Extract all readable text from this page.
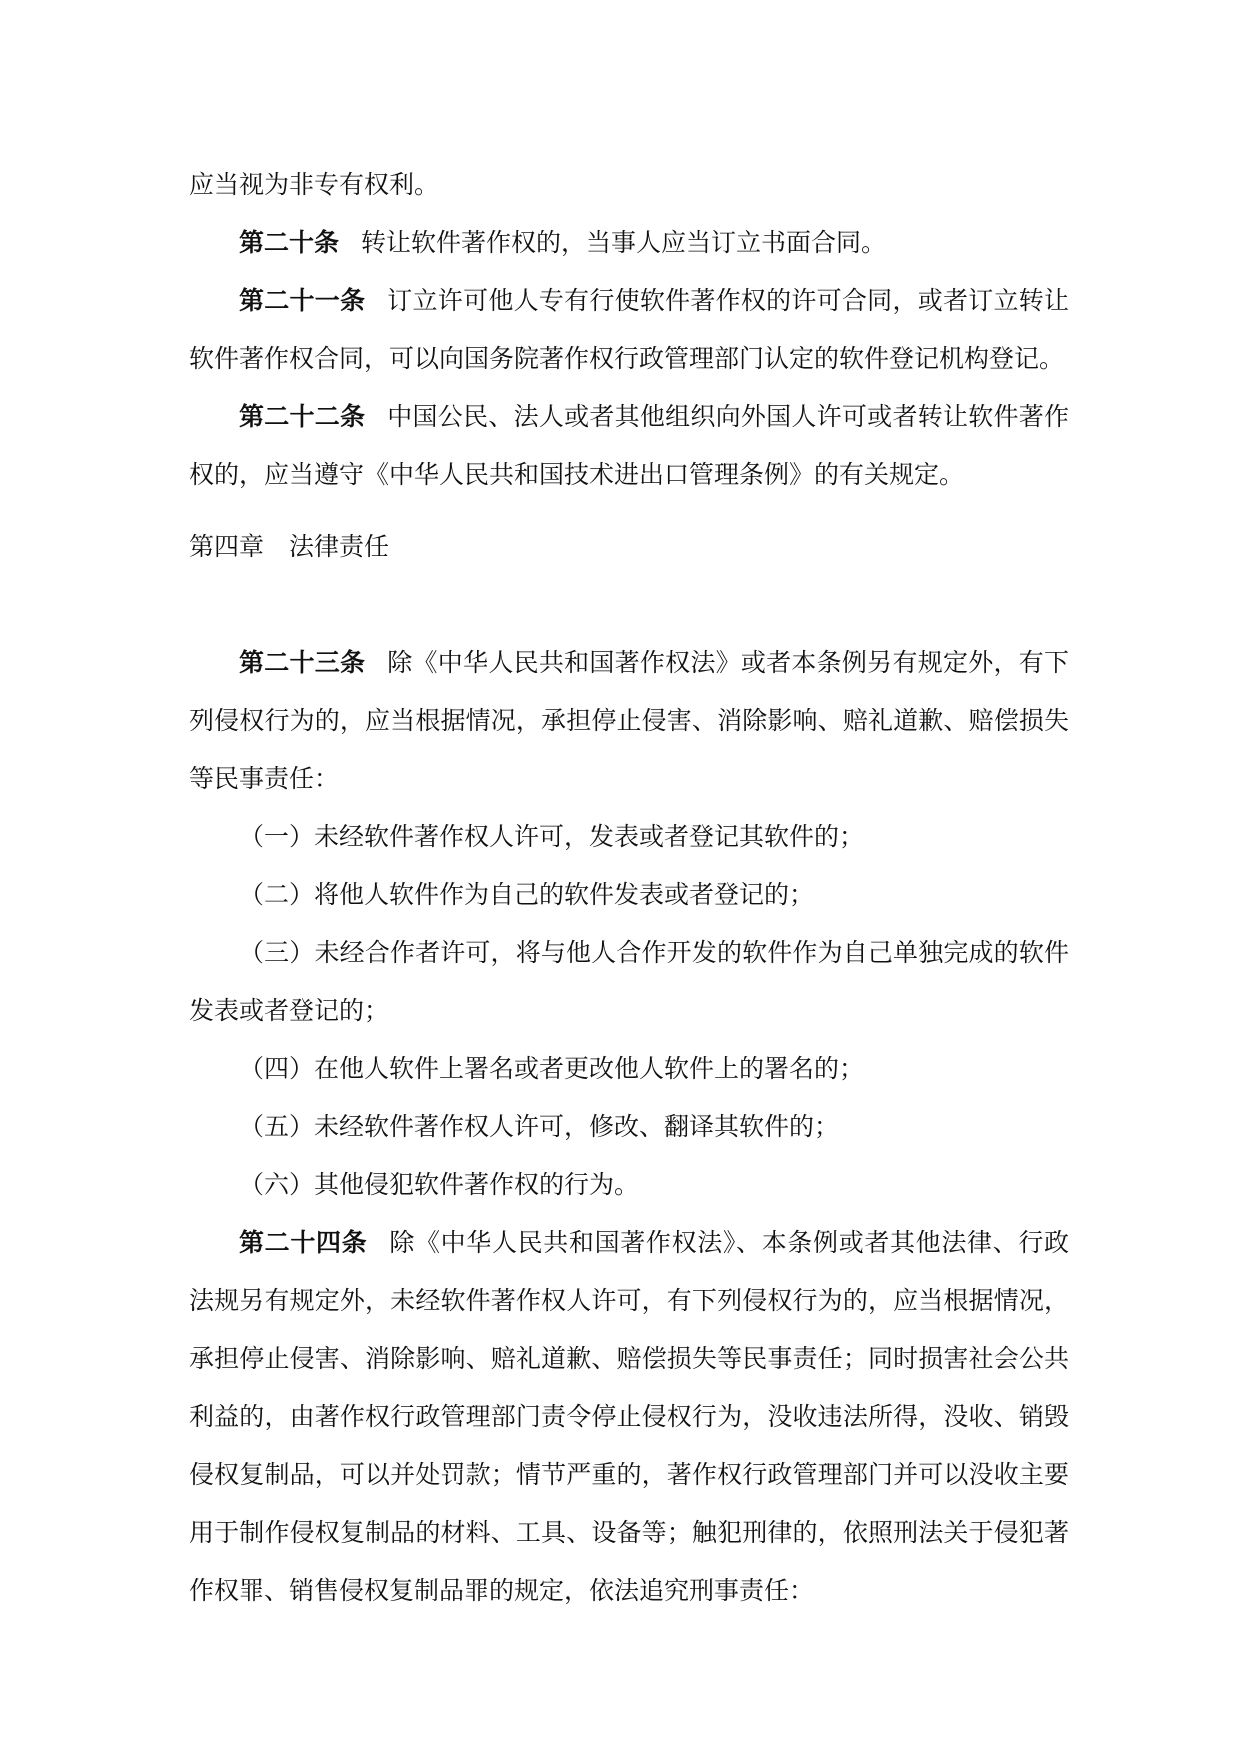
应当视为非专有权利。

第二十条 转让软件著作权的，当事人应当订立书面合同。

第二十一条 订立许可他人专有行使软件著作权的许可合同，或者订立转让软件著作权合同，可以向国务院著作权行政管理部门认定的软件登记机构登记。

第二十二条 中国公民、法人或者其他组织向外国人许可或者转让软件著作权的，应当遵守《中华人民共和国技术进出口管理条例》的有关规定。

第四章 法律责任

第二十三条 除《中华人民共和国著作权法》或者本条例另有规定外，有下列侵权行为的，应当根据情况，承担停止侵害、消除影响、赔礼道歉、赔偿损失等民事责任：

（一）未经软件著作权人许可，发表或者登记其软件的；

（二）将他人软件作为自己的软件发表或者登记的；

（三）未经合作者许可，将与他人合作开发的软件作为自己单独完成的软件发表或者登记的；

（四）在他人软件上署名或者更改他人软件上的署名的；

（五）未经软件著作权人许可，修改、翻译其软件的；

（六）其他侵犯软件著作权的行为。

第二十四条 除《中华人民共和国著作权法》、本条例或者其他法律、行政法规另有规定外，未经软件著作权人许可，有下列侵权行为的，应当根据情况，承担停止侵害、消除影响、赔礼道歉、赔偿损失等民事责任；同时损害社会公共利益的，由著作权行政管理部门责令停止侵权行为，没收违法所得，没收、销毁侵权复制品，可以并处罚款；情节严重的，著作权行政管理部门并可以没收主要用于制作侵权复制品的材料、工具、设备等；触犯刑律的，依照刑法关于侵犯著作权罪、销售侵权复制品罪的规定，依法追究刑事责任：
